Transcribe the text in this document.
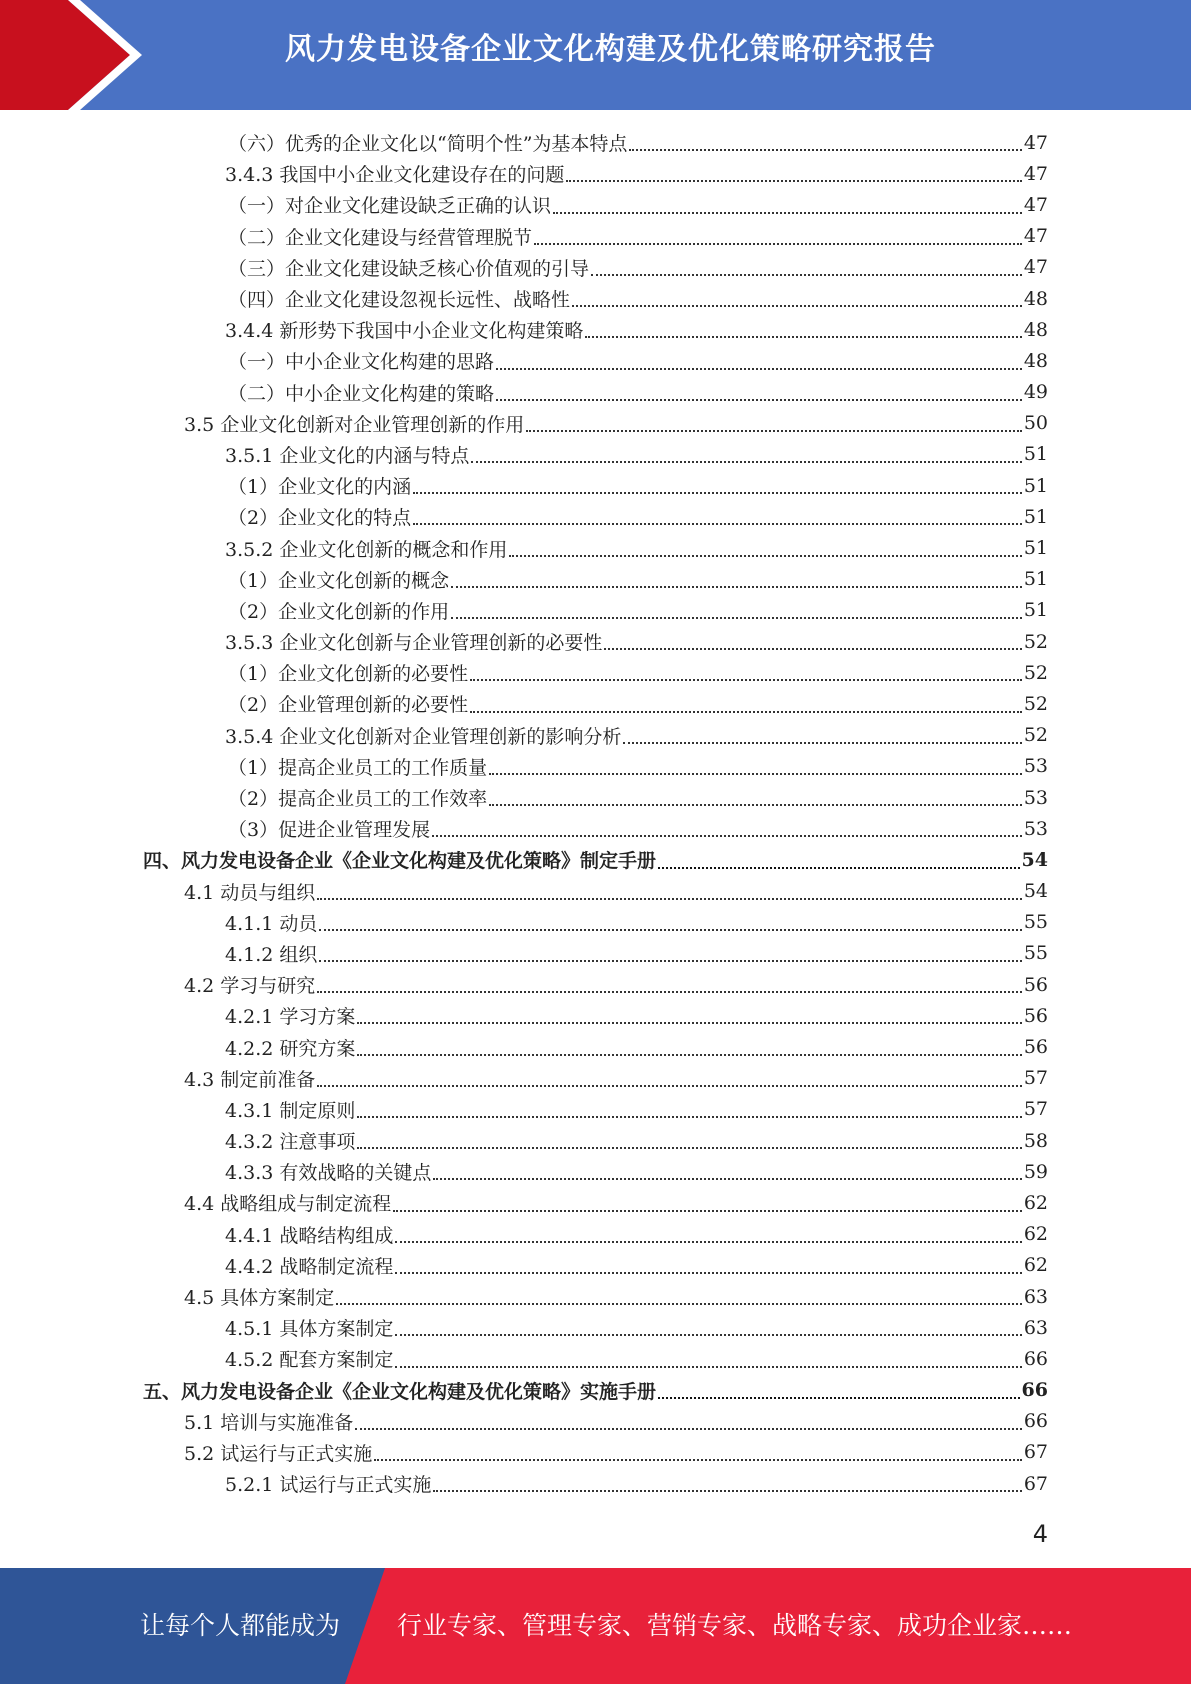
风力发电设备企业文化构建及优化策略研究报告
（六）优秀的企业文化以“简明个性”为基本特点	47
3.4.3 我国中小企业文化建设存在的问题	47
（一）对企业文化建设缺乏正确的认识	47
（二）企业文化建设与经营管理脱节	47
（三）企业文化建设缺乏核心价值观的引导	47
（四）企业文化建设忽视长远性、战略性	48
3.4.4 新形势下我国中小企业文化构建策略	48
（一）中小企业文化构建的思路	48
（二）中小企业文化构建的策略	49
3.5 企业文化创新对企业管理创新的作用	50
3.5.1 企业文化的内涵与特点	51
（1）企业文化的内涵	51
（2）企业文化的特点	51
3.5.2 企业文化创新的概念和作用	51
（1）企业文化创新的概念	51
（2）企业文化创新的作用	51
3.5.3 企业文化创新与企业管理创新的必要性	52
（1）企业文化创新的必要性	52
（2）企业管理创新的必要性	52
3.5.4 企业文化创新对企业管理创新的影响分析	52
（1）提高企业员工的工作质量	53
（2）提高企业员工的工作效率	53
（3）促进企业管理发展	53
四、风力发电设备企业《企业文化构建及优化策略》制定手册	54
4.1 动员与组织	54
4.1.1 动员	55
4.1.2 组织	55
4.2 学习与研究	56
4.2.1 学习方案	56
4.2.2 研究方案	56
4.3 制定前准备	57
4.3.1 制定原则	57
4.3.2 注意事项	58
4.3.3 有效战略的关键点	59
4.4 战略组成与制定流程	62
4.4.1 战略结构组成	62
4.4.2 战略制定流程	62
4.5 具体方案制定	63
4.5.1 具体方案制定	63
4.5.2 配套方案制定	66
五、风力发电设备企业《企业文化构建及优化策略》实施手册	66
5.1 培训与实施准备	66
5.2 试运行与正式实施	67
5.2.1 试运行与正式实施	67
4
让每个人都能成为 行业专家、管理专家、营销专家、战略专家、成功企业家……
